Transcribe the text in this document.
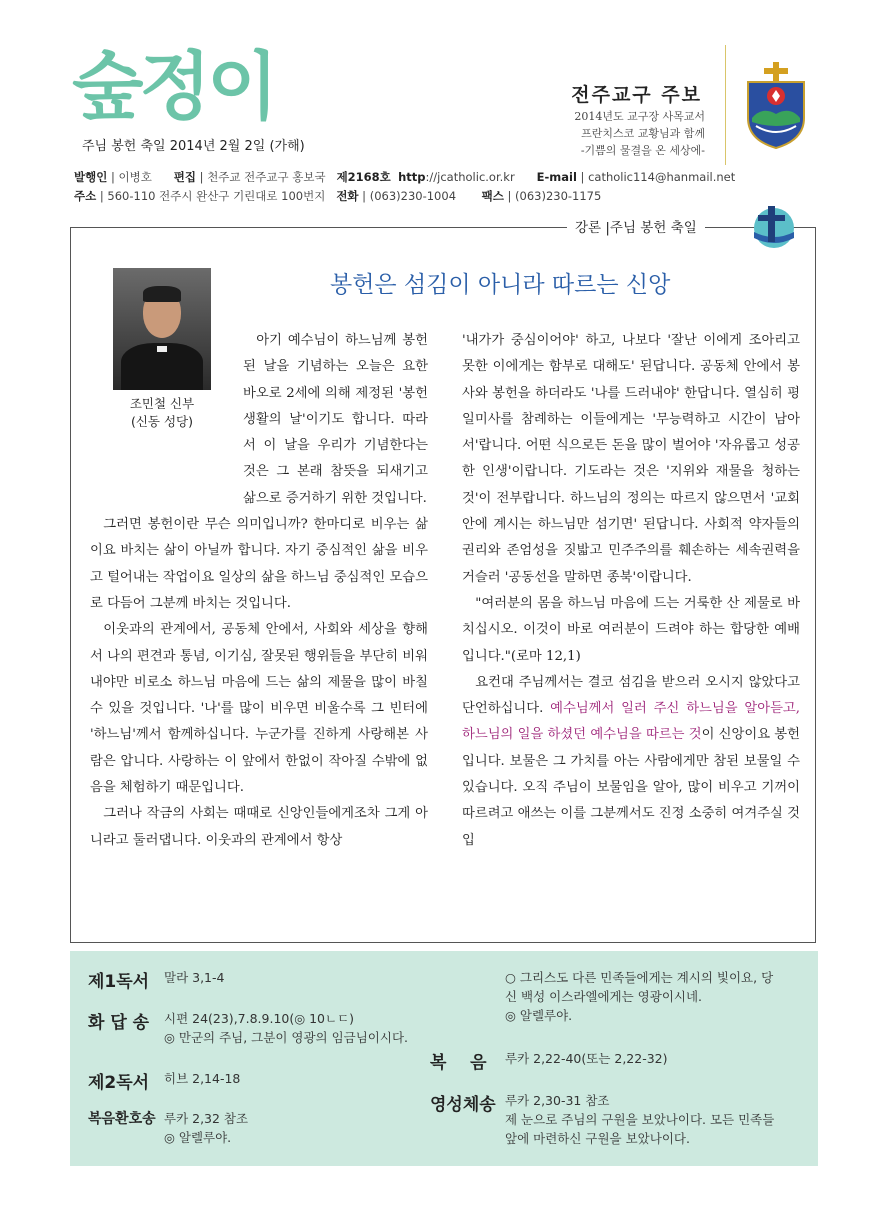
숲정이
주님 봉헌 축일 2014년 2월 2일 (가해)
전주교구 주보
2014년도 교구장 사목교서
프란치스코 교황님과 함께
-기쁨의 물결을 온 세상에-
발행인 | 이병호 편집 | 천주교 전주교구 홍보국 제2168호 http://jcatholic.or.kr E-mail | catholic114@hanmail.net
주소 | 560-110 전주시 완산구 기린대로 100번지 전화 | (063)230-1004 팩스 | (063)230-1175
강론 |주님 봉헌 축일
봉헌은 섬김이 아니라 따르는 신앙
조민철 신부
(신동 성당)

아기 예수님이 하느님께 봉헌된 날을 기념하는 오늘은 요한 바오로 2세에 의해 제정된 '봉헌생활의 날'이기도 합니다. 따라서 이 날을 우리가 기념한다는 것은 그 본래 참뜻을 되새기고 삶으로 증거하기 위한 것입니다.

그러면 봉헌이란 무슨 의미입니까? 한마디로 비우는 삶이요 바치는 삶이 아닐까 합니다. 자기 중심적인 삶을 비우고 털어내는 작업이요 일상의 삶을 하느님 중심적인 모습으로 다듬어 그분께 바치는 것입니다.

이웃과의 관계에서, 공동체 안에서, 사회와 세상을 향해서 나의 편견과 통념, 이기심, 잘못된 행위들을 부단히 비워내야만 비로소 하느님 마음에 드는 삶의 제물을 많이 바칠 수 있을 것입니다. '나'를 많이 비우면 비울수록 그 빈터에 '하느님'께서 함께하십니다. 누군가를 진하게 사랑해본 사람은 압니다. 사랑하는 이 앞에서 한없이 작아질 수밖에 없음을 체험하기 때문입니다.

그러나 작금의 사회는 때때로 신앙인들에게조차 그게 아니라고 둘러댑니다. 이웃과의 관계에서 항상

'내가가 중심이어야' 하고, 나보다 '잘난 이에게 조아리고 못한 이에게는 함부로 대해도' 된답니다. 공동체 안에서 봉사와 봉헌을 하더라도 '나를 드러내야' 한답니다. 열심히 평일미사를 참례하는 이들에게는 '무능력하고 시간이 남아서'랍니다. 어떤 식으로든 돈을 많이 벌어야 '자유롭고 성공한 인생'이랍니다. 기도라는 것은 '지위와 재물을 청하는 것'이 전부랍니다. 하느님의 정의는 따르지 않으면서 '교회 안에 계시는 하느님만 섬기면' 된답니다. 사회적 약자들의 권리와 존엄성을 짓밟고 민주주의를 훼손하는 세속권력을 거슬러 '공동선을 말하면 종북'이랍니다.

"여러분의 몸을 하느님 마음에 드는 거룩한 산 제물로 바치십시오. 이것이 바로 여러분이 드려야 하는 합당한 예배입니다."(로마 12,1)

요컨대 주님께서는 결코 섬김을 받으러 오시지 않았다고 단언하십니다. 예수님께서 일러 주신 하느님을 알아듣고, 하느님의 일을 하셨던 예수님을 따르는 것이 신앙이요 봉헌입니다. 보물은 그 가치를 아는 사람에게만 참된 보물일 수 있습니다. 오직 주님이 보물임을 알아, 많이 비우고 기꺼이 따르려고 애쓰는 이를 그분께서도 진정 소중히 여겨주실 것입

제1독서 말라 3,1-4
화 답 송 시편 24(23),7.8.9.10(◎ 10ㄴㄷ)
◎ 만군의 주님, 그분이 영광의 임금님이시다.
제2독서 히브 2,14-18
복음환호송 루카 2,32 참조
◎ 알렐루야.
○ 그리스도 다른 민족들에게는 계시의 빛이요, 당
신 백성 이스라엘에게는 영광이시네.
◎ 알렐루야.
복    음 루카 2,22-40(또는 2,22-32)
영성체송 루카 2,30-31 참조
제 눈으로 주님의 구원을 보았나이다. 모든 민족들
앞에 마련하신 구원을 보았나이다.
